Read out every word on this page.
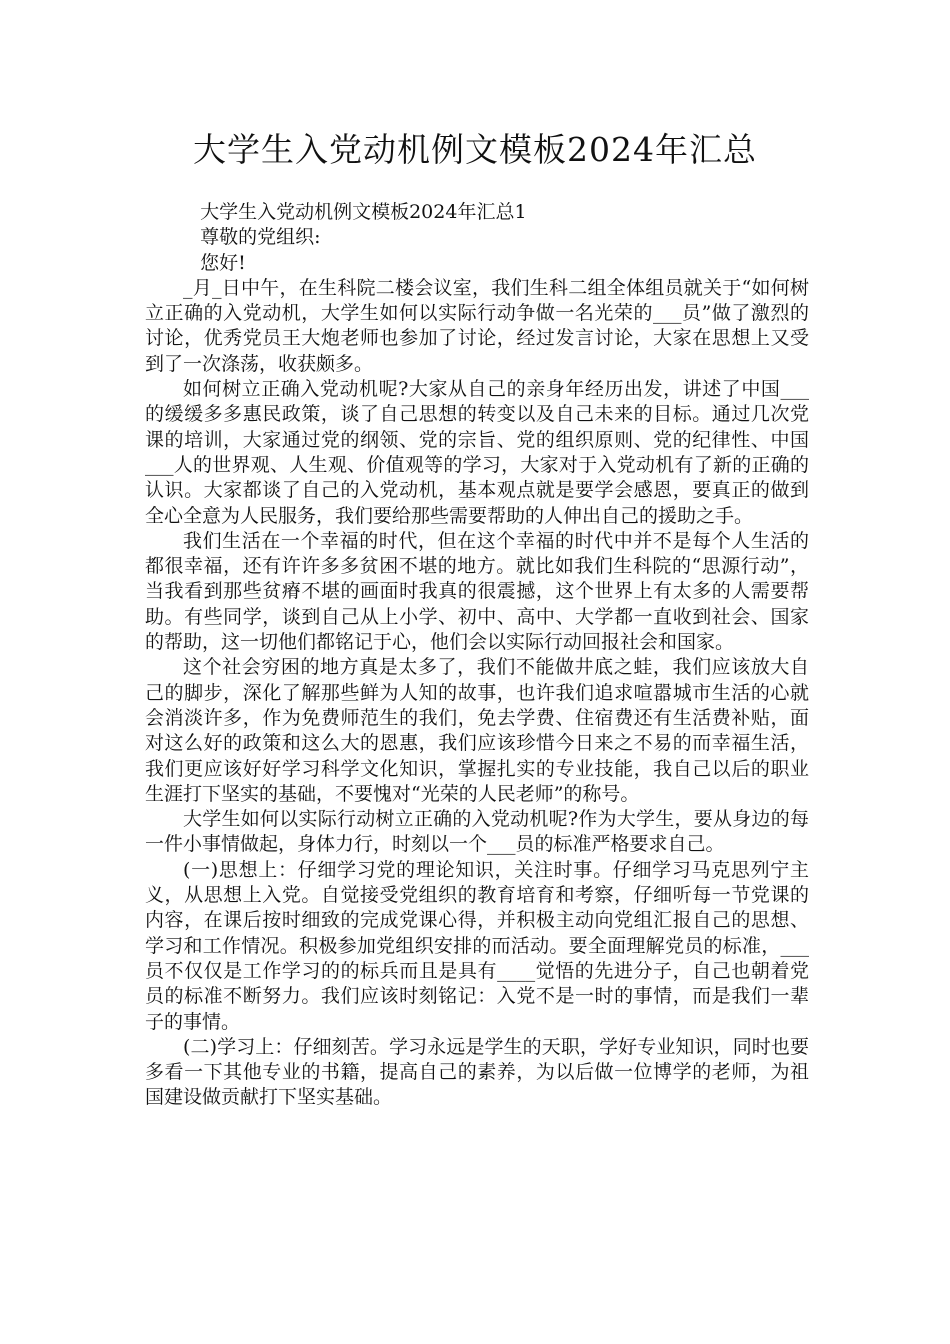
大学生入党动机例文模板2024年汇总

大学生入党动机例文模板2024年汇总1

尊敬的党组织:

您好!

_月_日中午，在生科院二楼会议室，我们生科二组全体组员就关于“如何树立正确的入党动机，大学生如何以实际行动争做一名光荣的___员”做了激烈的讨论，优秀党员王大炮老师也参加了讨论，经过发言讨论，大家在思想上又受到了一次涤荡，收获颇多。

如何树立正确入党动机呢?大家从自己的亲身年经历出发，讲述了中国___的缓缓多多惠民政策，谈了自己思想的转变以及自己未来的目标。通过几次党课的培训，大家通过党的纲领、党的宗旨、党的组织原则、党的纪律性、中国___人的世界观、人生观、价值观等的学习，大家对于入党动机有了新的正确的认识。大家都谈了自己的入党动机，基本观点就是要学会感恩，要真正的做到全心全意为人民服务，我们要给那些需要帮助的人伸出自己的援助之手。

我们生活在一个幸福的时代，但在这个幸福的时代中并不是每个人生活的都很幸福，还有许许多多贫困不堪的地方。就比如我们生科院的“思源行动”，当我看到那些贫瘠不堪的画面时我真的很震撼，这个世界上有太多的人需要帮助。有些同学，谈到自己从上小学、初中、高中、大学都一直收到社会、国家的帮助，这一切他们都铭记于心，他们会以实际行动回报社会和国家。

这个社会穷困的地方真是太多了，我们不能做井底之蛙，我们应该放大自己的脚步，深化了解那些鲜为人知的故事，也许我们追求喧嚣城市生活的心就会消淡许多，作为免费师范生的我们，免去学费、住宿费还有生活费补贴，面对这么好的政策和这么大的恩惠，我们应该珍惜今日来之不易的而幸福生活，我们更应该好好学习科学文化知识，掌握扎实的专业技能，我自己以后的职业生涯打下坚实的基础，不要愧对“光荣的人民老师”的称号。

大学生如何以实际行动树立正确的入党动机呢?作为大学生，要从身边的每一件小事情做起，身体力行，时刻以一个___员的标准严格要求自己。

(一)思想上：仔细学习党的理论知识，关注时事。仔细学习马克思列宁主义，从思想上入党。自觉接受党组织的教育培育和考察，仔细听每一节党课的内容，在课后按时细致的完成党课心得，并积极主动向党组汇报自己的思想、学习和工作情况。积极参加党组织安排的而活动。要全面理解党员的标准，___员不仅仅是工作学习的的标兵而且是具有____觉悟的先进分子，自己也朝着党员的标准不断努力。我们应该时刻铭记：入党不是一时的事情，而是我们一辈子的事情。

(二)学习上：仔细刻苦。学习永远是学生的天职，学好专业知识，同时也要多看一下其他专业的书籍，提高自己的素养，为以后做一位博学的老师，为祖国建设做贡献打下坚实基础。
